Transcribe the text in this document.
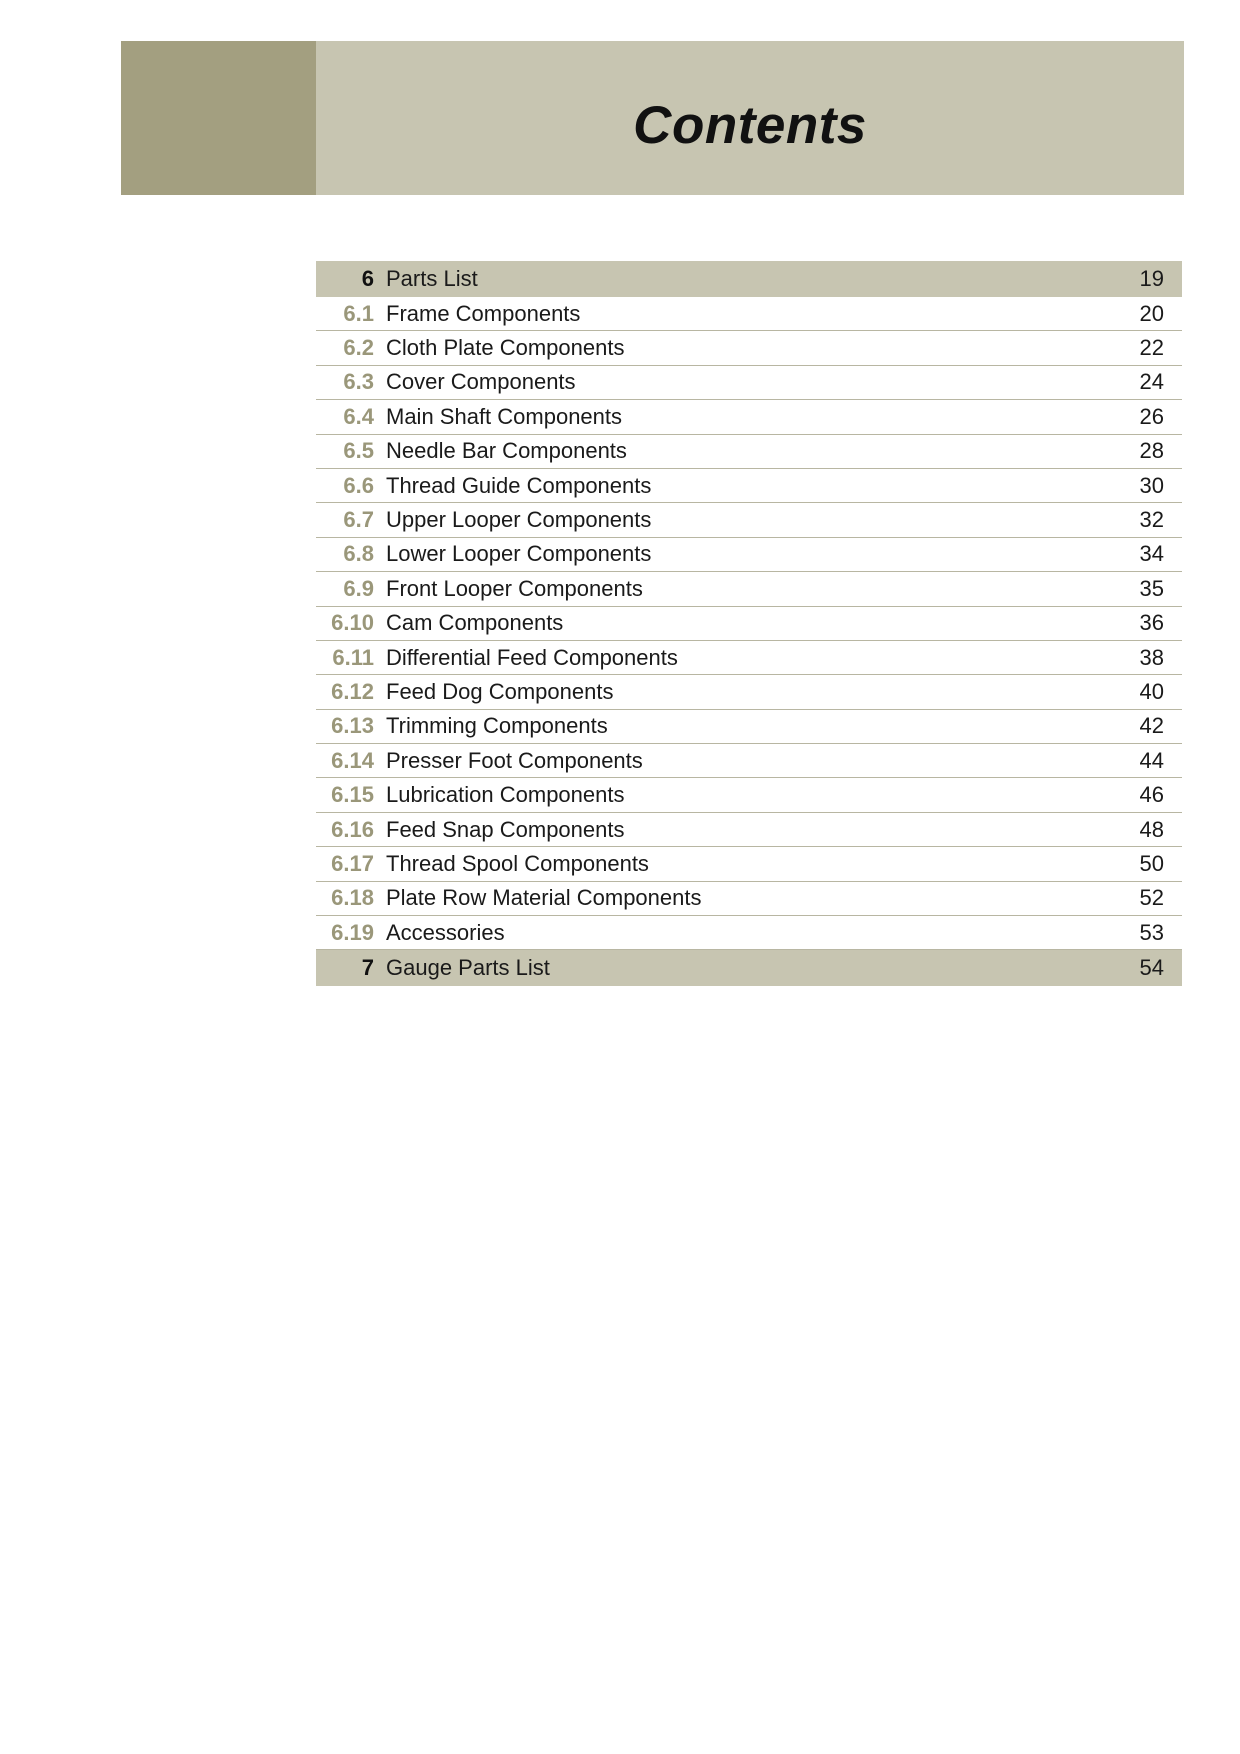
Contents
6 Parts List	19
6.1 Frame Components	20
6.2 Cloth Plate Components	22
6.3 Cover Components	24
6.4 Main Shaft Components	26
6.5 Needle Bar Components	28
6.6 Thread Guide Components	30
6.7 Upper Looper Components	32
6.8 Lower Looper Components	34
6.9 Front Looper Components	35
6.10 Cam Components	36
6.11 Differential Feed Components	38
6.12 Feed Dog Components	40
6.13 Trimming Components	42
6.14 Presser Foot Components	44
6.15 Lubrication Components	46
6.16 Feed Snap Components	48
6.17 Thread Spool Components	50
6.18 Plate Row Material Components	52
6.19 Accessories	53
7 Gauge Parts List	54
